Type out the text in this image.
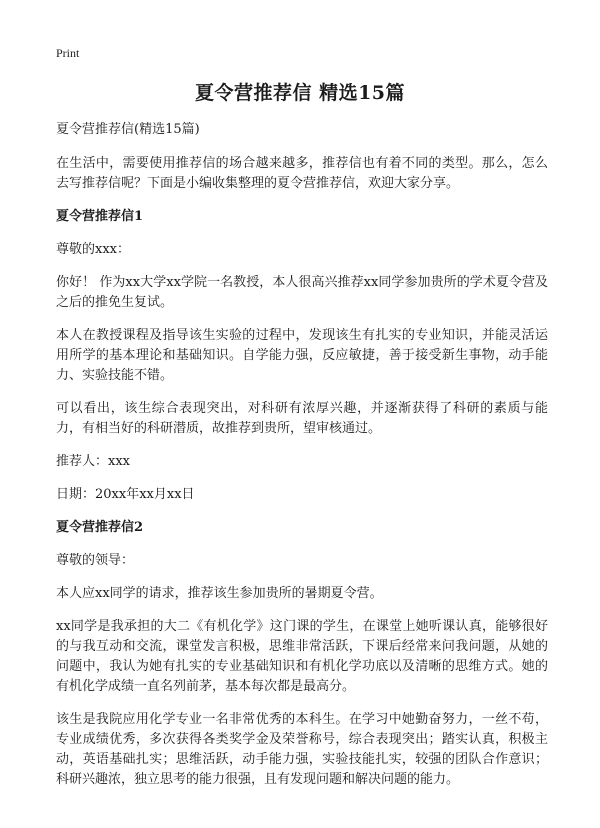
Print
夏令营推荐信 精选15篇
夏令营推荐信(精选15篇)

在生活中，需要使用推荐信的场合越来越多，推荐信也有着不同的类型。那么，怎么去写推荐信呢？下面是小编收集整理的夏令营推荐信，欢迎大家分享。

夏令营推荐信1

尊敬的xxx：

你好！ 作为xx大学xx学院一名教授，本人很高兴推荐xx同学参加贵所的学术夏令营及之后的推免生复试。

本人在教授课程及指导该生实验的过程中，发现该生有扎实的专业知识，并能灵活运用所学的基本理论和基础知识。自学能力强，反应敏捷，善于接受新生事物，动手能力、实验技能不错。

可以看出，该生综合表现突出，对科研有浓厚兴趣，并逐渐获得了科研的素质与能力，有相当好的科研潜质，故推荐到贵所，望审核通过。

推荐人：xxx

日期：20xx年xx月xx日

夏令营推荐信2

尊敬的领导：

本人应xx同学的请求，推荐该生参加贵所的暑期夏令营。

xx同学是我承担的大二《有机化学》这门课的学生，在课堂上她听课认真，能够很好的与我互动和交流，课堂发言积极，思维非常活跃，下课后经常来问我问题，从她的问题中，我认为她有扎实的专业基础知识和有机化学功底以及清晰的思维方式。她的有机化学成绩一直名列前茅，基本每次都是最高分。

该生是我院应用化学专业一名非常优秀的本科生。在学习中她勤奋努力，一丝不苟，专业成绩优秀，多次获得各类奖学金及荣誉称号，综合表现突出；踏实认真，积极主动，英语基础扎实；思维活跃，动手能力强，实验技能扎实，较强的团队合作意识；科研兴趣浓，独立思考的能力很强，且有发现问题和解决问题的能力。
